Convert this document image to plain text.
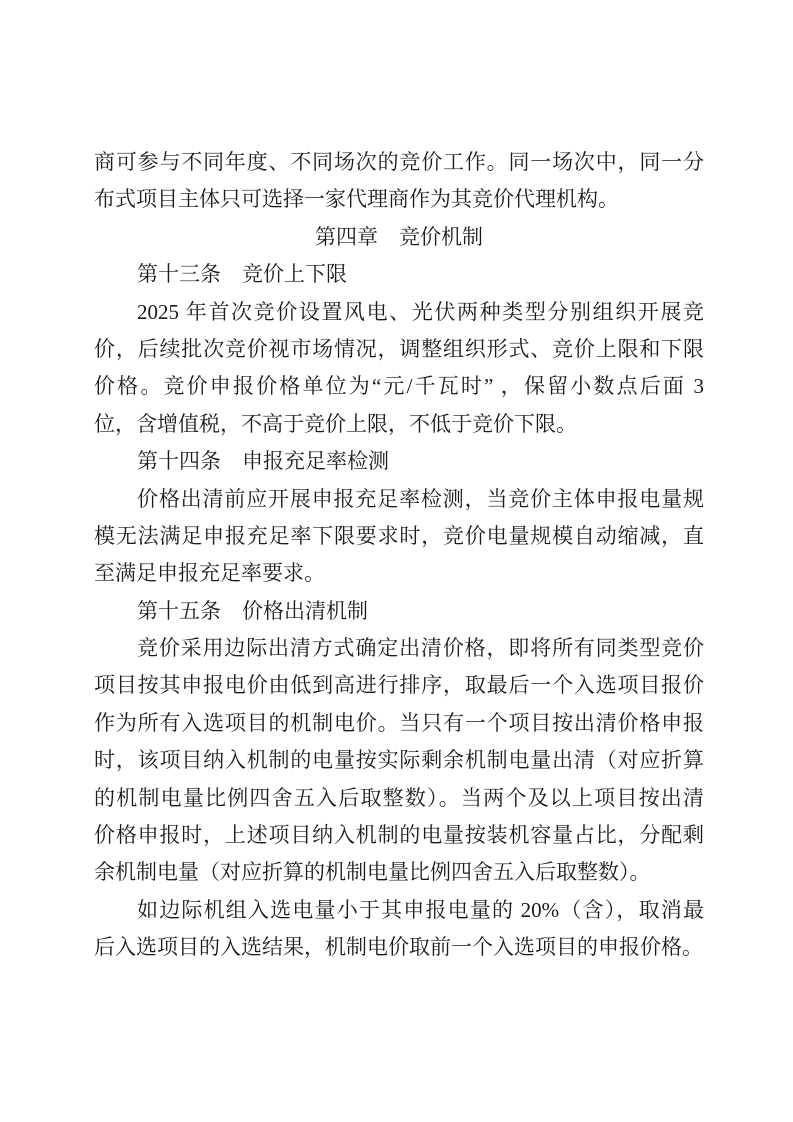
商可参与不同年度、不同场次的竞价工作。同一场次中，同一分
布式项目主体只可选择一家代理商作为其竞价代理机构。
第四章　竞价机制
第十三条　竞价上下限
2025 年首次竞价设置风电、光伏两种类型分别组织开展竞
价，后续批次竞价视市场情况，调整组织形式、竞价上限和下限
价格。竞价申报价格单位为“元/千瓦时” ，保留小数点后面 3
位，含增值税，不高于竞价上限，不低于竞价下限。
第十四条　申报充足率检测
价格出清前应开展申报充足率检测，当竞价主体申报电量规
模无法满足申报充足率下限要求时，竞价电量规模自动缩减，直
至满足申报充足率要求。
第十五条　价格出清机制
竞价采用边际出清方式确定出清价格，即将所有同类型竞价
项目按其申报电价由低到高进行排序，取最后一个入选项目报价
作为所有入选项目的机制电价。当只有一个项目按出清价格申报
时，该项目纳入机制的电量按实际剩余机制电量出清（对应折算
的机制电量比例四舍五入后取整数）。当两个及以上项目按出清
价格申报时，上述项目纳入机制的电量按装机容量占比，分配剩
余机制电量（对应折算的机制电量比例四舍五入后取整数）。
如边际机组入选电量小于其申报电量的 20%（含），取消最
后入选项目的入选结果，机制电价取前一个入选项目的申报价格。
